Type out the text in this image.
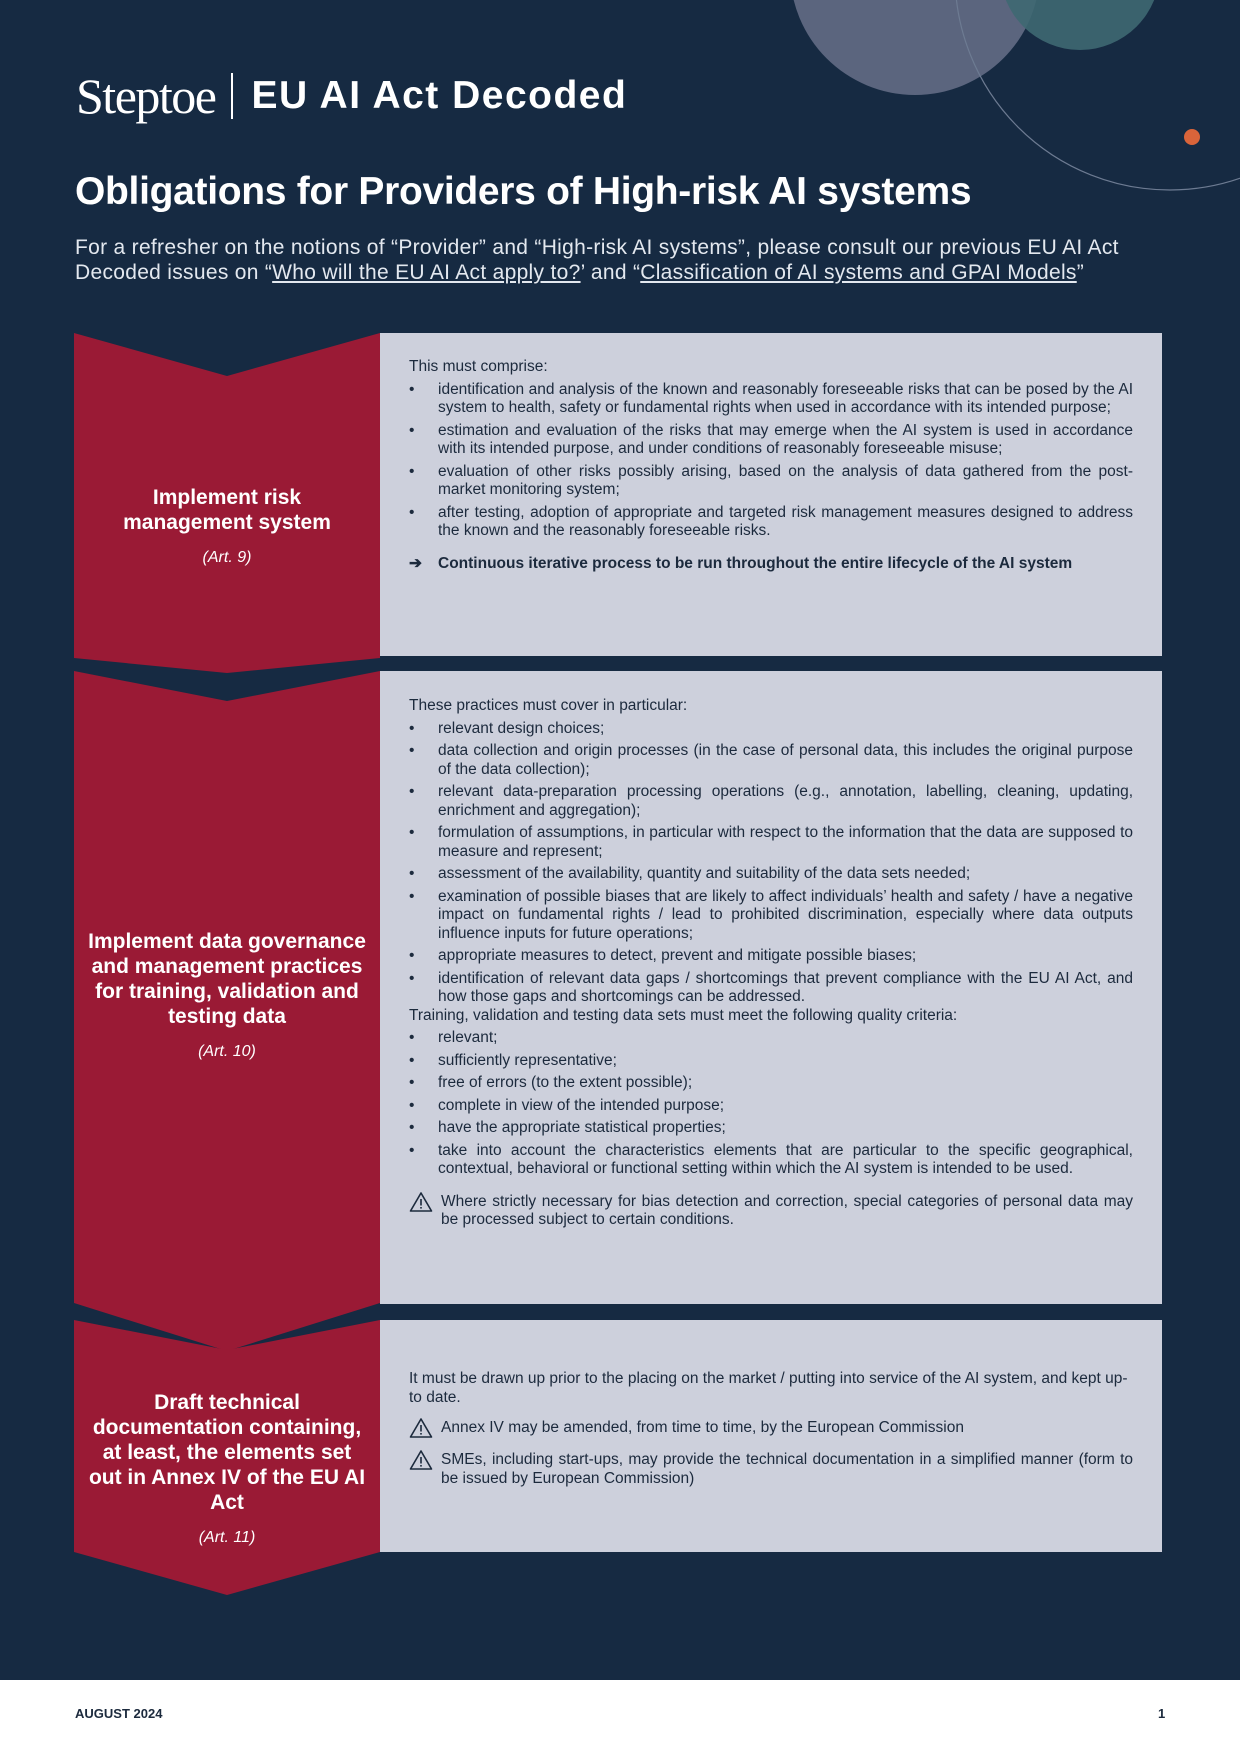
Steptoe EU AI Act Decoded
Obligations for Providers of High-risk AI systems
For a refresher on the notions of “Provider” and “High-risk AI systems”, please consult our previous EU AI Act Decoded issues on “Who will the EU AI Act apply to?’ and “Classification of AI systems and GPAI Models”
Implement risk management system
(Art. 9)

This must comprise:

• identification and analysis of the known and reasonably foreseeable risks that can be posed by the AI system to health, safety or fundamental rights when used in accordance with its intended purpose;
• estimation and evaluation of the risks that may emerge when the AI system is used in accordance with its intended purpose, and under conditions of reasonably foreseeable misuse;
• evaluation of other risks possibly arising, based on the analysis of data gathered from the post-market monitoring system;
• after testing, adoption of appropriate and targeted risk management measures designed to address the known and the reasonably foreseeable risks.
➔	Continuous iterative process to be run throughout the entire lifecycle of the AI system
Implement data governance and management practices for training, validation and testing data
(Art. 10)

These practices must cover in particular:

• relevant design choices;
• data collection and origin processes (in the case of personal data, this includes the original purpose of the data collection);
• relevant data-preparation processing operations (e.g., annotation, labelling, cleaning, updating, enrichment and aggregation);
• formulation of assumptions, in particular with respect to the information that the data are supposed to measure and represent;
• assessment of the availability, quantity and suitability of the data sets needed;
• examination of possible biases that are likely to affect individuals’ health and safety / have a negative impact on fundamental rights / lead to prohibited discrimination, especially where data outputs influence inputs for future operations;
• appropriate measures to detect, prevent and mitigate possible biases;
• identification of relevant data gaps / shortcomings that prevent compliance with the EU AI Act, and how those gaps and shortcomings can be addressed.

Training, validation and testing data sets must meet the following quality criteria:

• relevant;
• sufficiently representative;
• free of errors (to the extent possible);
• complete in view of the intended purpose;
• have the appropriate statistical properties;
• take into account the characteristics elements that are particular to the specific geographical, contextual, behavioral or functional setting within which the AI system is intended to be used.
Where strictly necessary for bias detection and correction, special categories of personal data may be processed subject to certain conditions.
Draft technical documentation containing, at least, the elements set out in Annex IV of the EU AI Act
(Art. 11)

It must be drawn up prior to the placing on the market / putting into service of the AI system, and kept up-to date.

Annex IV may be amended, from time to time, by the European Commission
SMEs, including start-ups, may provide the technical documentation in a simplified manner (form to be issued by European Commission)
AUGUST 2024	1
